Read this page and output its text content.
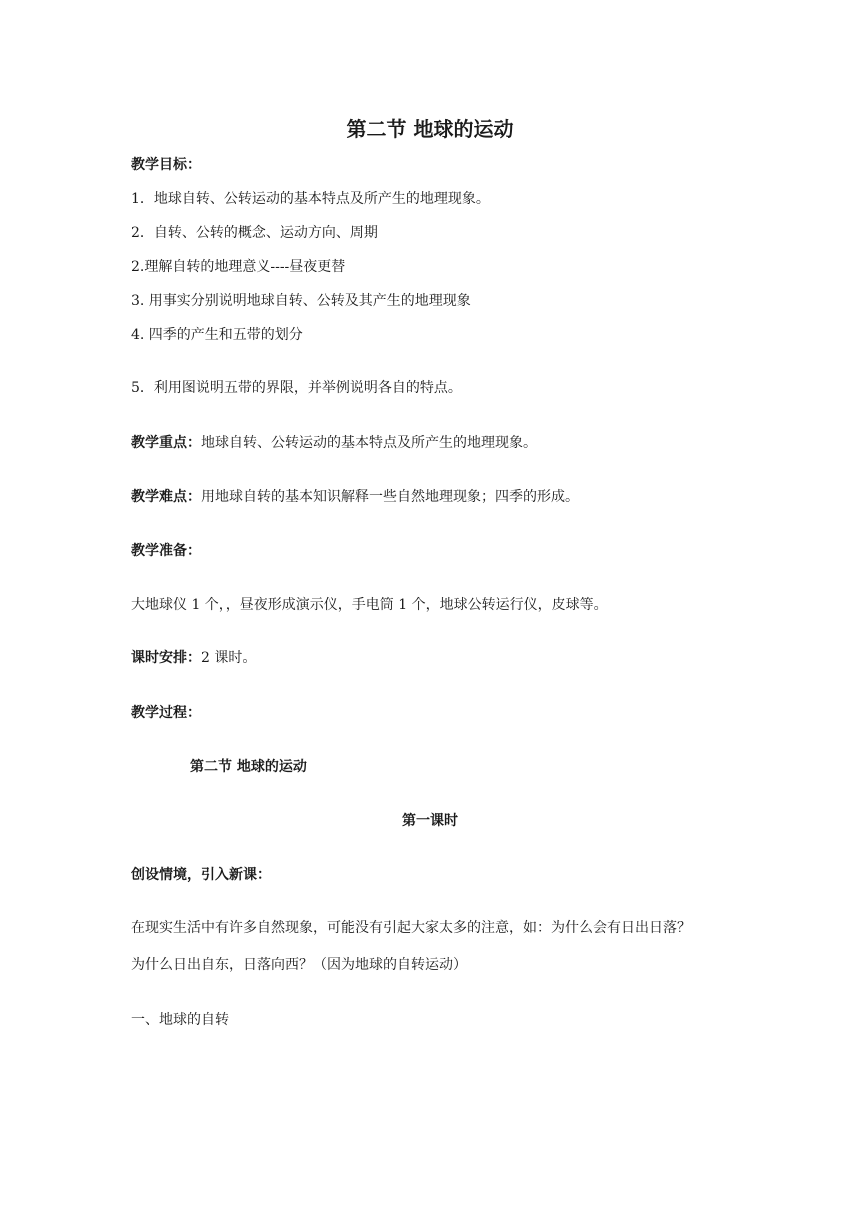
第二节 地球的运动
教学目标：
1．地球自转、公转运动的基本特点及所产生的地理现象。
2．自转、公转的概念、运动方向、周期
2.理解自转的地理意义----昼夜更替
3. 用事实分别说明地球自转、公转及其产生的地理现象
4. 四季的产生和五带的划分
5．利用图说明五带的界限，并举例说明各自的特点。
教学重点：地球自转、公转运动的基本特点及所产生的地理现象。
教学难点：用地球自转的基本知识解释一些自然地理现象；四季的形成。
教学准备：
大地球仪 1 个，，昼夜形成演示仪，手电筒 1 个，地球公转运行仪，皮球等。
课时安排：2 课时。
教学过程：
第二节 地球的运动
第一课时
创设情境，引入新课：
在现实生活中有许多自然现象，可能没有引起大家太多的注意，如：为什么会有日出日落？
为什么日出自东，日落向西？（因为地球的自转运动）
一、地球的自转
